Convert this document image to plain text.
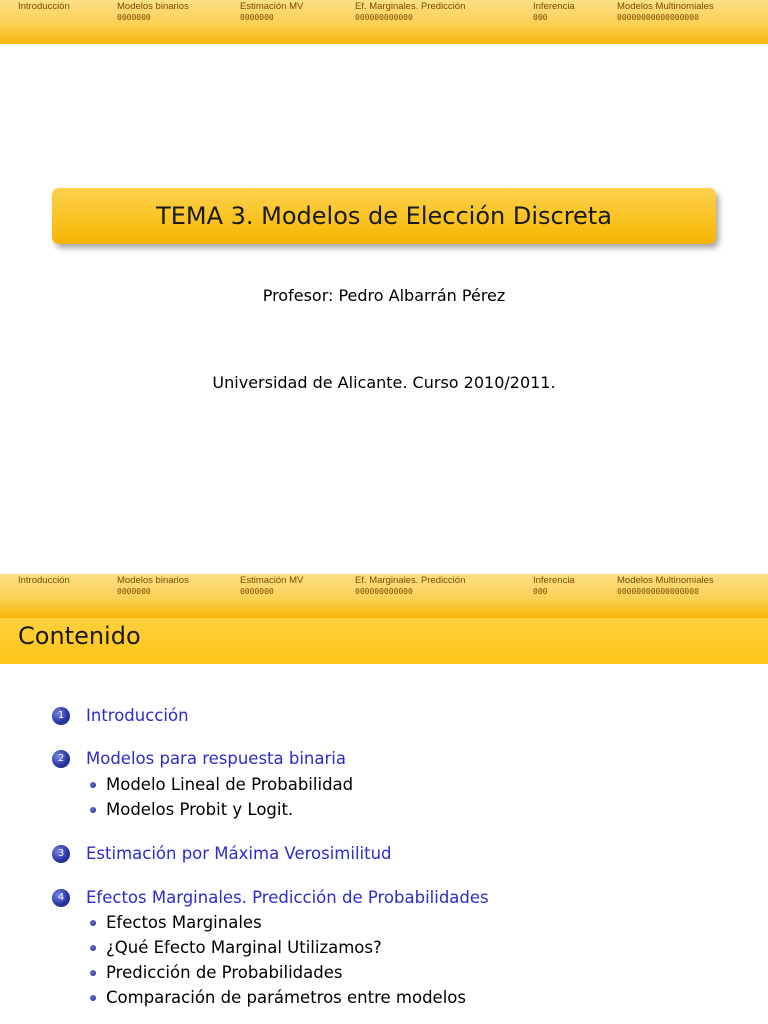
Introducción	Modelos binarios
0000000
Estimación MV
0000000
Ef. Marginales. Predicción
000000000000
Inferencia
000
Modelos Multinomiales
00000000000000000
TEMA 3. Modelos de Elección Discreta
Profesor: Pedro Albarrán Pérez
Universidad de Alicante. Curso 2010/2011.
Introducción	Modelos binarios
0000000
Estimación MV
0000000
Ef. Marginales. Predicción
000000000000
Inferencia
000
Modelos Multinomiales
00000000000000000
Contenido
1	Introducción
2	Modelos para respuesta binaria
Modelo Lineal de Probabilidad
Modelos Probit y Logit.
3	Estimación por Máxima Verosimilitud
4	Efectos Marginales. Predicción de Probabilidades
Efectos Marginales
¿Qué Efecto Marginal Utilizamos?
Predicción de Probabilidades
Comparación de parámetros entre modelos
